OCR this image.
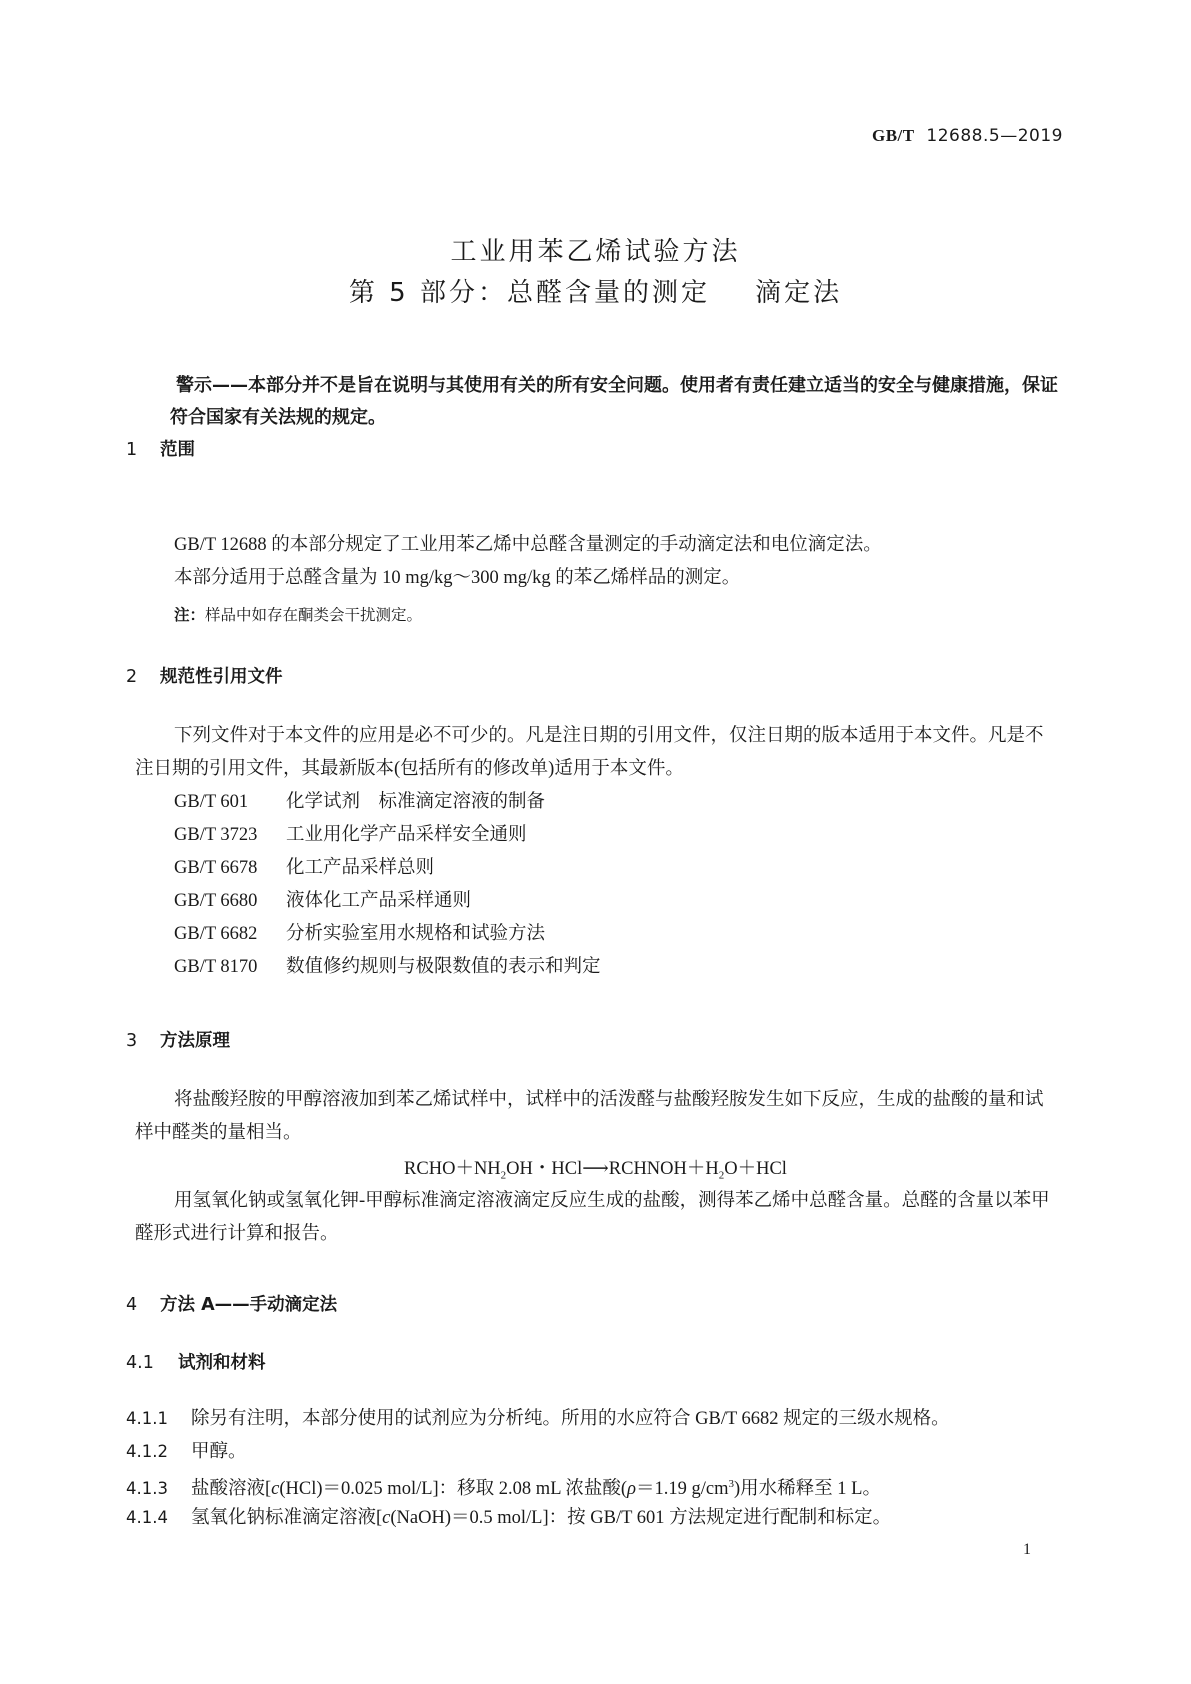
GB/T 12688.5—2019
工业用苯乙烯试验方法
第 5 部分：总醛含量的测定 滴定法
警示——本部分并不是旨在说明与其使用有关的所有安全问题。使用者有责任建立适当的安全与健康措施，保证符合国家有关法规的规定。
1 范围
GB/T 12688 的本部分规定了工业用苯乙烯中总醛含量测定的手动滴定法和电位滴定法。
本部分适用于总醛含量为 10 mg/kg～300 mg/kg 的苯乙烯样品的测定。
注：样品中如存在酮类会干扰测定。
2 规范性引用文件
下列文件对于本文件的应用是必不可少的。凡是注日期的引用文件，仅注日期的版本适用于本文件。凡是不注日期的引用文件，其最新版本(包括所有的修改单)适用于本文件。
GB/T 601 化学试剂　标准滴定溶液的制备
GB/T 3723 工业用化学产品采样安全通则
GB/T 6678 化工产品采样总则
GB/T 6680 液体化工产品采样通则
GB/T 6682 分析实验室用水规格和试验方法
GB/T 8170 数值修约规则与极限数值的表示和判定
3 方法原理
将盐酸羟胺的甲醇溶液加到苯乙烯试样中，试样中的活泼醛与盐酸羟胺发生如下反应，生成的盐酸的量和试样中醛类的量相当。
$RCHO+NH_2OH$・$HCl⟶RCHNOH+H_2O+HCl$
用氢氧化钠或氢氧化钾-甲醇标准滴定溶液滴定反应生成的盐酸，测得苯乙烯中总醛含量。总醛的含量以苯甲醛形式进行计算和报告。
4 方法 A——手动滴定法
4.1 试剂和材料
4.1.1 除另有注明，本部分使用的试剂应为分析纯。所用的水应符合 GB/T 6682 规定的三级水规格。
4.1.2 甲醇。
4.1.3 盐酸溶液[c(HCl)＝0.025 mol/L]：移取 2.08 mL 浓盐酸(ρ＝1.19 $g/cm^3$)用水稀释至 1 L。
4.1.4 氢氧化钠标准滴定溶液[c(NaOH)＝0.5 mol/L]：按 GB/T 601 方法规定进行配制和标定。
1
